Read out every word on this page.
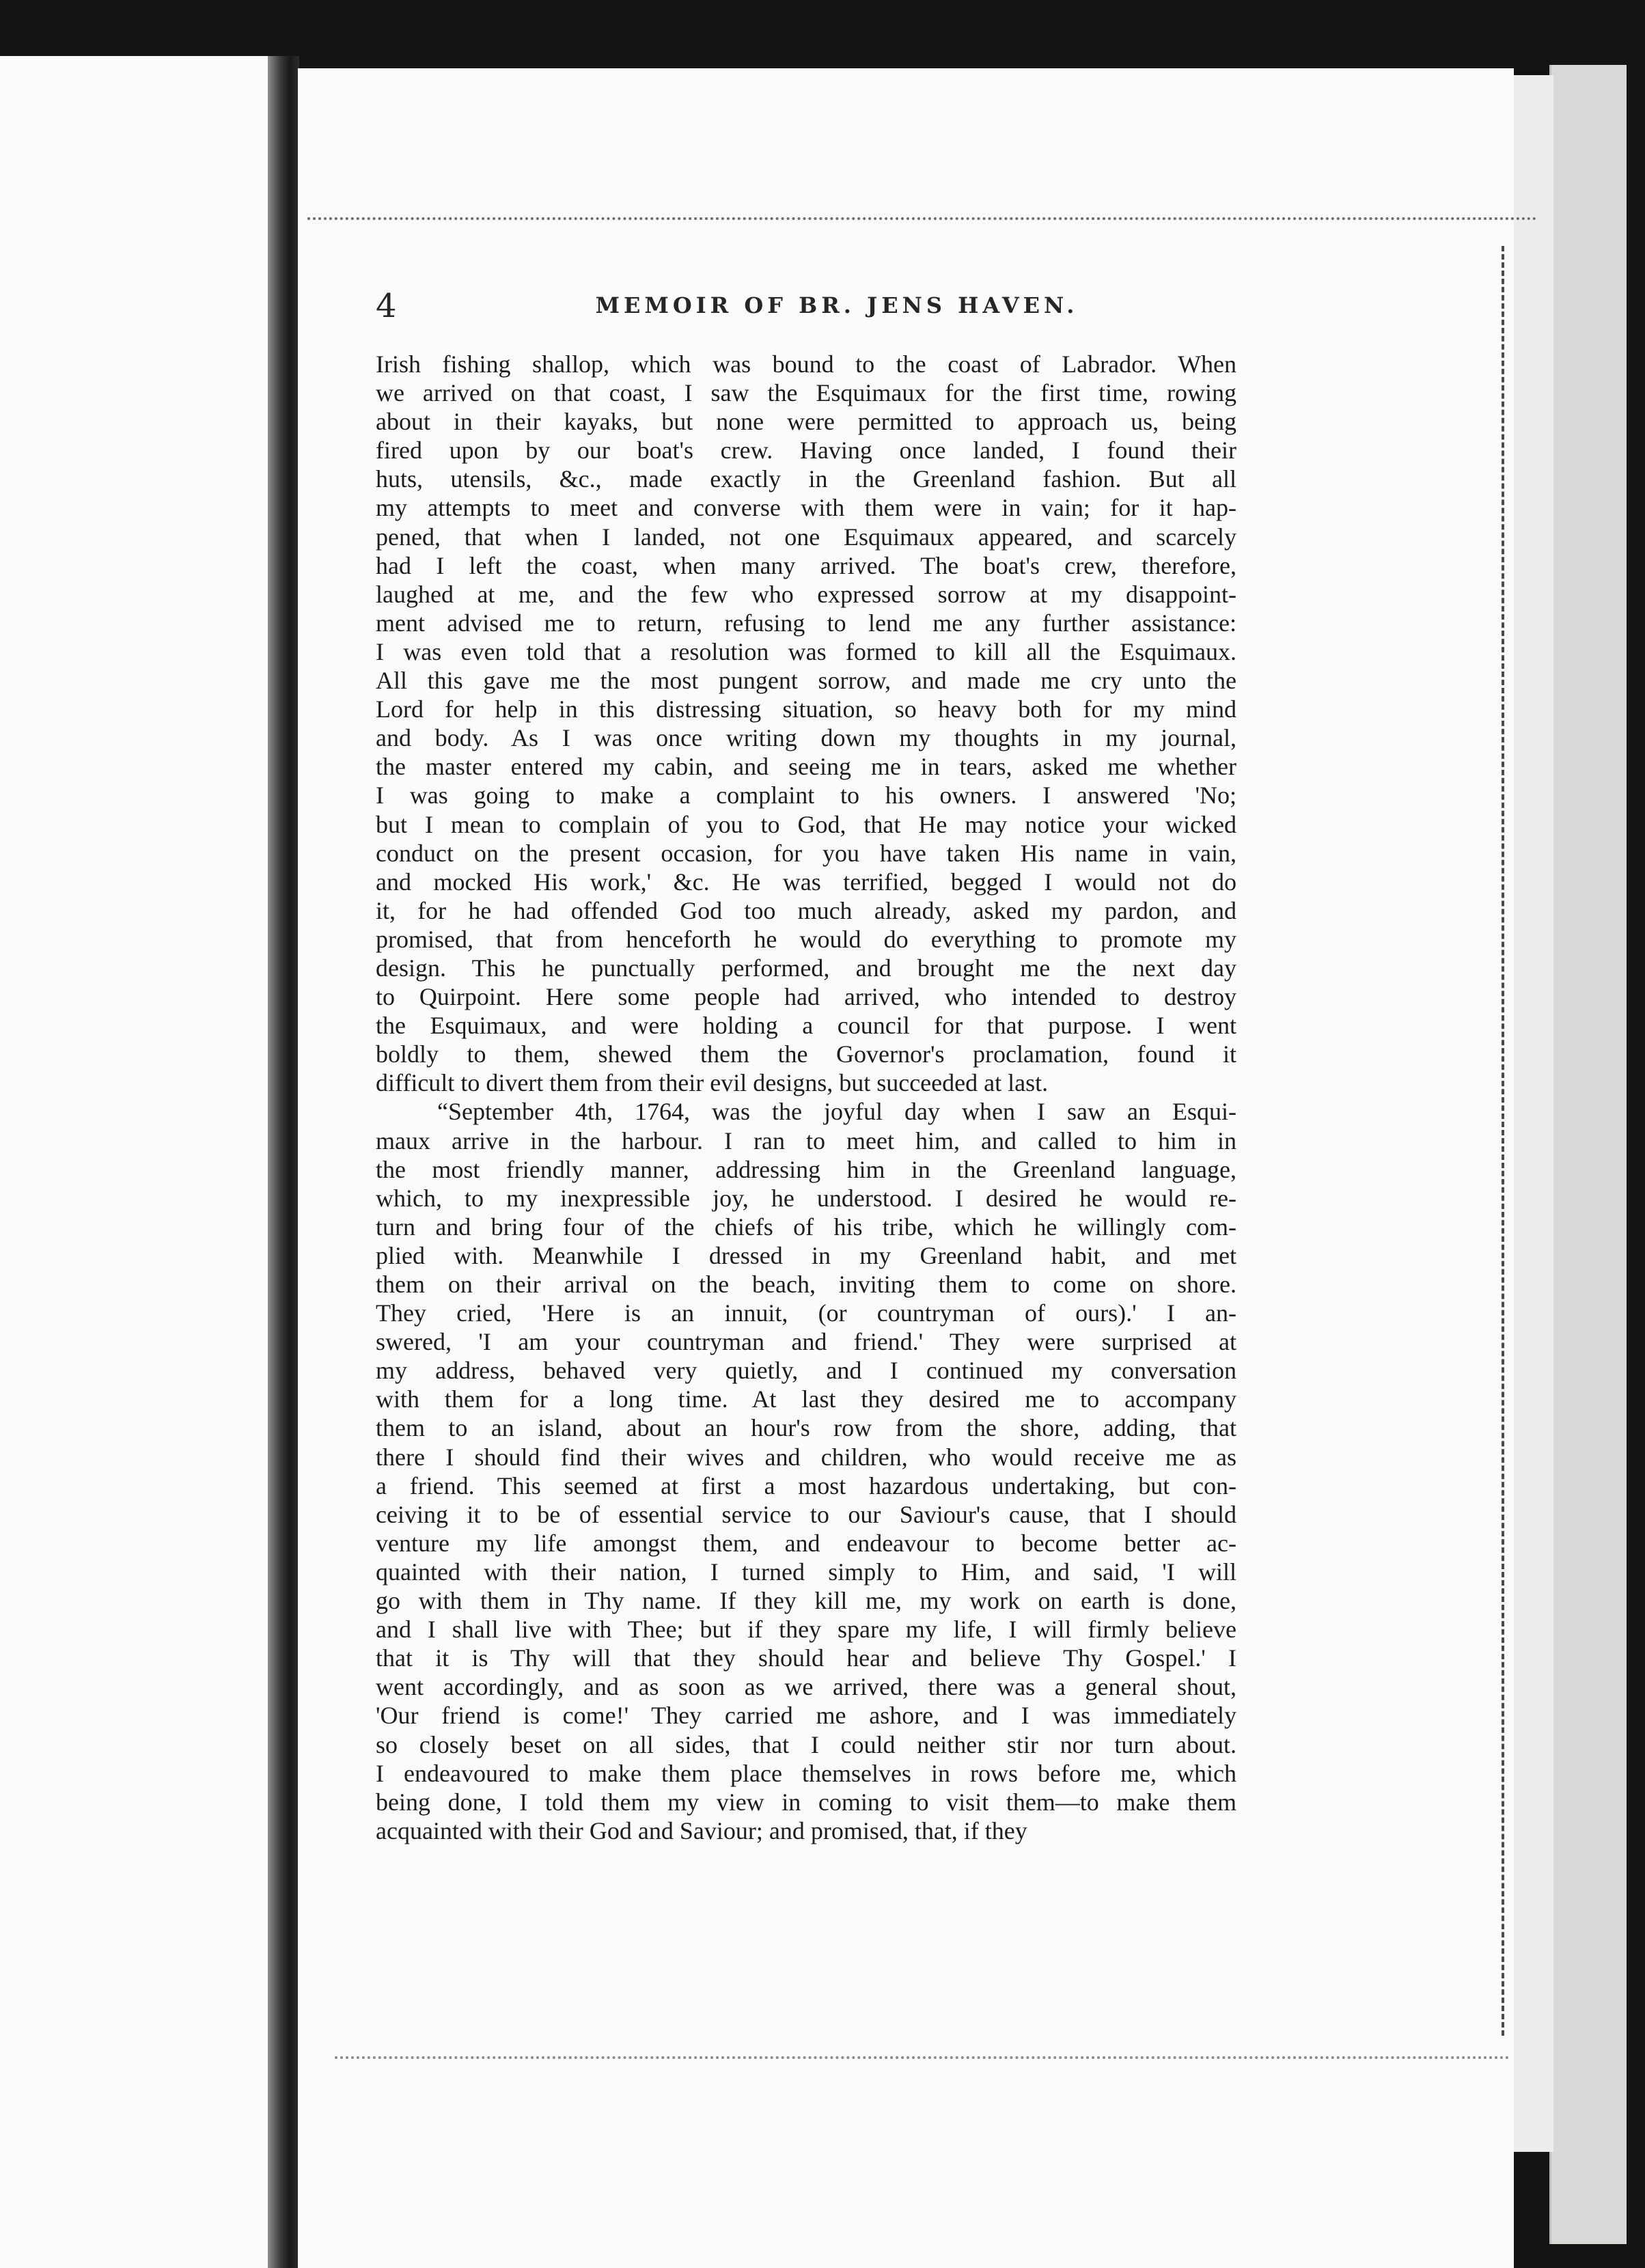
4	MEMOIR OF BR. JENS HAVEN.
Irish fishing shallop, which was bound to the coast of Labrador. When
we arrived on that coast, I saw the Esquimaux for the first time, rowing
about in their kayaks, but none were permitted to approach us, being
fired upon by our boat's crew. Having once landed, I found their
huts, utensils, &c., made exactly in the Greenland fashion. But all
my attempts to meet and converse with them were in vain; for it hap-
pened, that when I landed, not one Esquimaux appeared, and scarcely
had I left the coast, when many arrived. The boat's crew, therefore,
laughed at me, and the few who expressed sorrow at my disappoint-
ment advised me to return, refusing to lend me any further assistance:
I was even told that a resolution was formed to kill all the Esquimaux.
All this gave me the most pungent sorrow, and made me cry unto the
Lord for help in this distressing situation, so heavy both for my mind
and body. As I was once writing down my thoughts in my journal,
the master entered my cabin, and seeing me in tears, asked me whether
I was going to make a complaint to his owners. I answered 'No;
but I mean to complain of you to God, that He may notice your wicked
conduct on the present occasion, for you have taken His name in vain,
and mocked His work,' &c. He was terrified, begged I would not do
it, for he had offended God too much already, asked my pardon, and
promised, that from henceforth he would do everything to promote my
design. This he punctually performed, and brought me the next day
to Quirpoint. Here some people had arrived, who intended to destroy
the Esquimaux, and were holding a council for that purpose. I went
boldly to them, shewed them the Governor's proclamation, found it
difficult to divert them from their evil designs, but succeeded at last.
“September 4th, 1764, was the joyful day when I saw an Esqui-
maux arrive in the harbour. I ran to meet him, and called to him in
the most friendly manner, addressing him in the Greenland language,
which, to my inexpressible joy, he understood. I desired he would re-
turn and bring four of the chiefs of his tribe, which he willingly com-
plied with. Meanwhile I dressed in my Greenland habit, and met
them on their arrival on the beach, inviting them to come on shore.
They cried, 'Here is an innuit, (or countryman of ours).' I an-
swered, 'I am your countryman and friend.' They were surprised at
my address, behaved very quietly, and I continued my conversation
with them for a long time. At last they desired me to accompany
them to an island, about an hour's row from the shore, adding, that
there I should find their wives and children, who would receive me as
a friend. This seemed at first a most hazardous undertaking, but con-
ceiving it to be of essential service to our Saviour's cause, that I should
venture my life amongst them, and endeavour to become better ac-
quainted with their nation, I turned simply to Him, and said, 'I will
go with them in Thy name. If they kill me, my work on earth is done,
and I shall live with Thee; but if they spare my life, I will firmly believe
that it is Thy will that they should hear and believe Thy Gospel.' I
went accordingly, and as soon as we arrived, there was a general shout,
'Our friend is come!' They carried me ashore, and I was immediately
so closely beset on all sides, that I could neither stir nor turn about.
I endeavoured to make them place themselves in rows before me, which
being done, I told them my view in coming to visit them—to make them
acquainted with their God and Saviour; and promised, that, if they
